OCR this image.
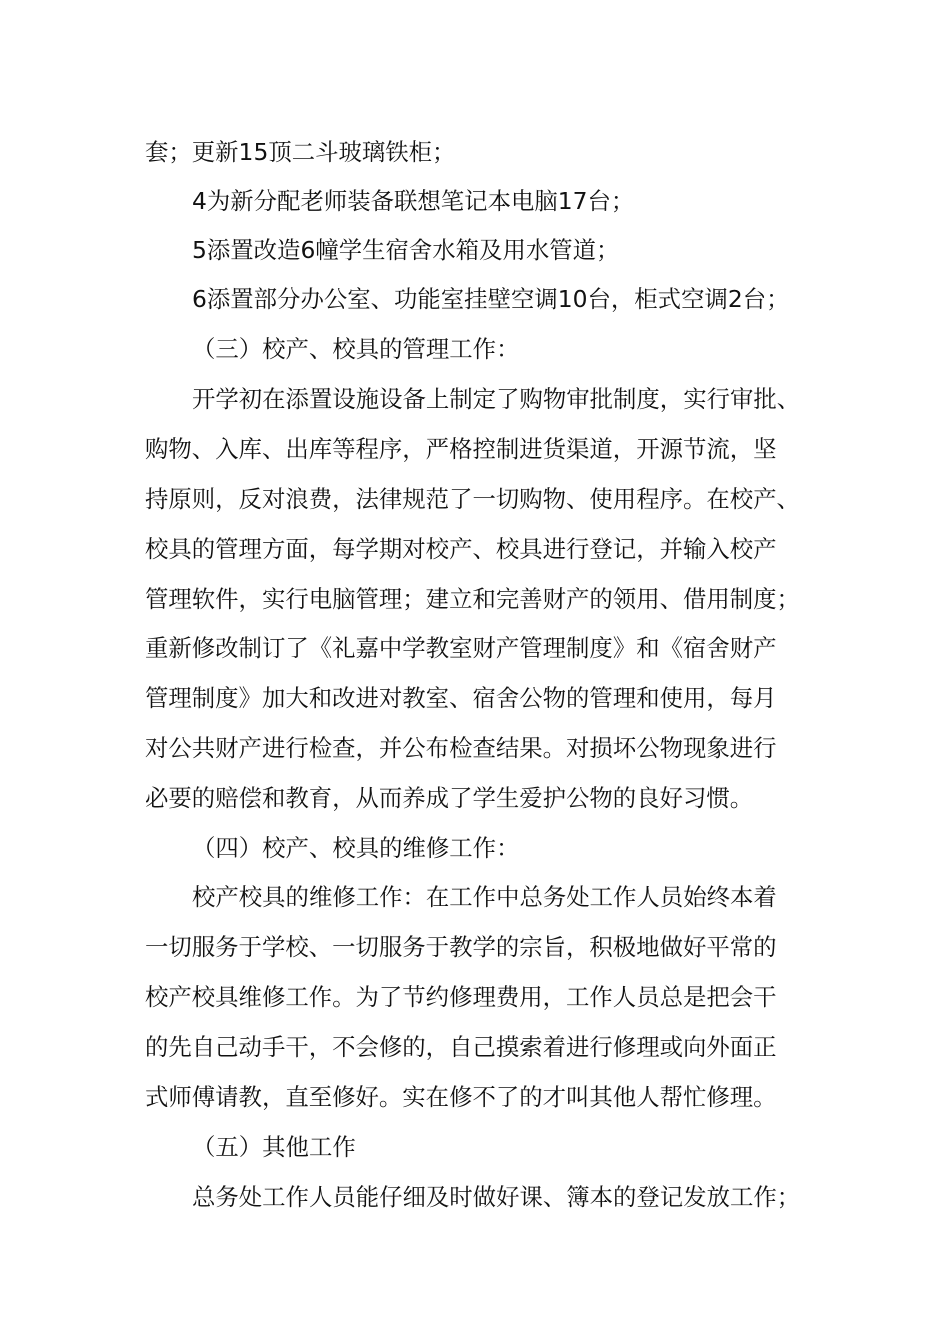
套；更新15顶二斗玻璃铁柜；
4为新分配老师装备联想笔记本电脑17台；
5添置改造6幢学生宿舍水箱及用水管道；
6添置部分办公室、功能室挂壁空调10台，柜式空调2台；
（三）校产、校具的管理工作：
开学初在添置设施设备上制定了购物审批制度，实行审批、
购物、入库、出库等程序，严格控制进货渠道，开源节流，坚
持原则，反对浪费，法律规范了一切购物、使用程序。在校产、
校具的管理方面，每学期对校产、校具进行登记，并输入校产
管理软件，实行电脑管理；建立和完善财产的领用、借用制度；
重新修改制订了《礼嘉中学教室财产管理制度》和《宿舍财产
管理制度》加大和改进对教室、宿舍公物的管理和使用，每月
对公共财产进行检查，并公布检查结果。对损坏公物现象进行
必要的赔偿和教育，从而养成了学生爱护公物的良好习惯。
（四）校产、校具的维修工作：
校产校具的维修工作：在工作中总务处工作人员始终本着
一切服务于学校、一切服务于教学的宗旨，积极地做好平常的
校产校具维修工作。为了节约修理费用，工作人员总是把会干
的先自己动手干，不会修的，自己摸索着进行修理或向外面正
式师傅请教，直至修好。实在修不了的才叫其他人帮忙修理。
（五）其他工作
总务处工作人员能仔细及时做好课、簿本的登记发放工作；
